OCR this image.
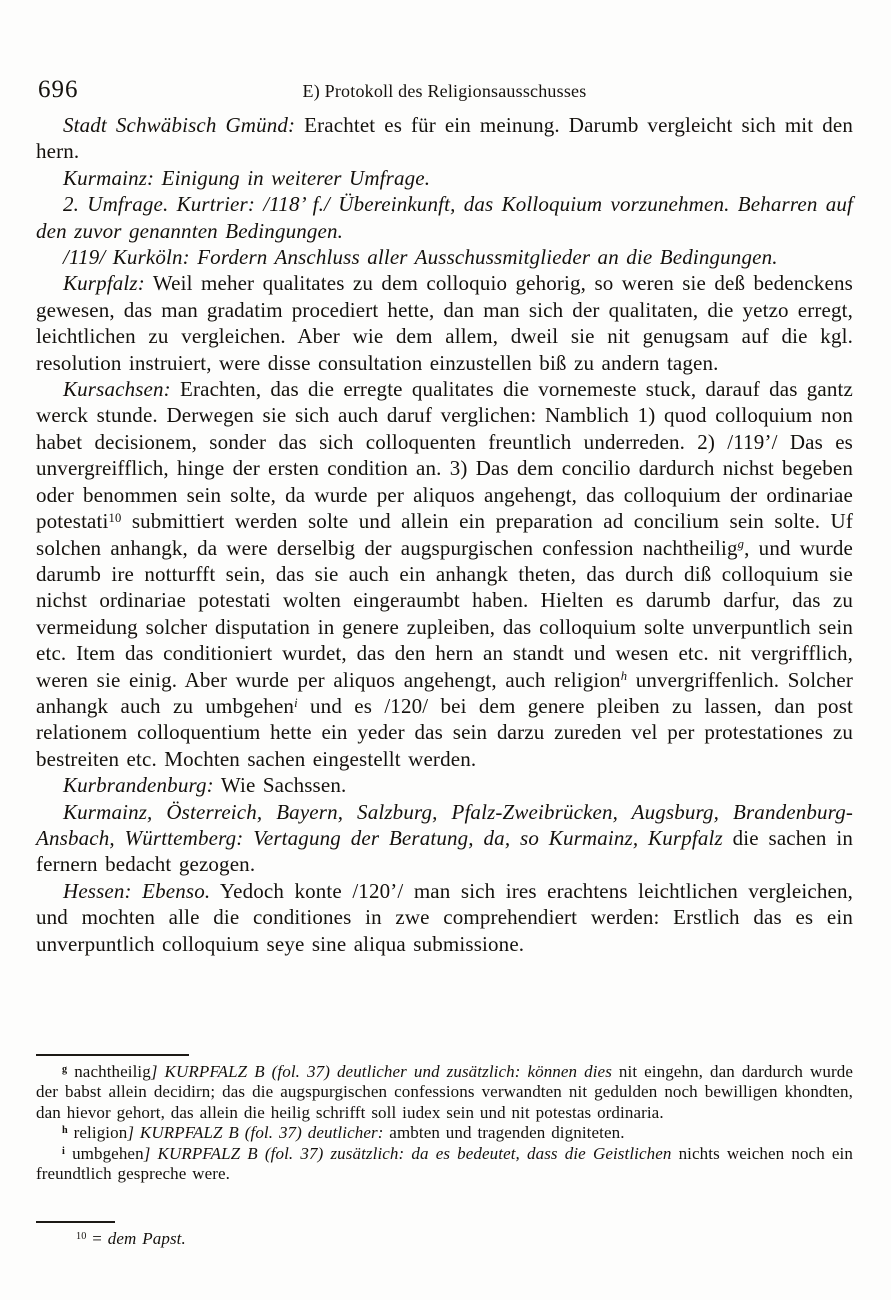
696	E) Protokoll des Religionsausschusses

Stadt Schwäbisch Gmünd: Erachtet es für ein meinung. Darumb vergleicht sich mit den hern.

Kurmainz: Einigung in weiterer Umfrage.

2. Umfrage. Kurtrier: /118’ f./ Übereinkunft, das Kolloquium vorzunehmen. Beharren auf den zuvor genannten Bedingungen.

/119/ Kurköln: Fordern Anschluss aller Ausschussmitglieder an die Bedingungen.

Kurpfalz: Weil meher qualitates zu dem colloquio gehorig, so weren sie deß bedenckens gewesen, das man gradatim procediert hette, dan man sich der qualitaten, die yetzo erregt, leichtlichen zu vergleichen. Aber wie dem allem, dweil sie nit genugsam auf die kgl. resolution instruiert, were disse consultation einzustellen biß zu andern tagen.

Kursachsen: Erachten, das die erregte qualitates die vornemeste stuck, darauf das gantz werck stunde. Derwegen sie sich auch daruf verglichen: Namblich 1) quod colloquium non habet decisionem, sonder das sich colloquenten freuntlich underreden. 2) /119’/ Das es unvergreifflich, hinge der ersten condition an. 3) Das dem concilio dardurch nichst begeben oder benommen sein solte, da wurde per aliquos angehengt, das colloquium der ordinariae potestati$^{10}$ submittiert werden solte und allein ein preparation ad concilium sein solte. Uf solchen anhangk, da were derselbig der augspurgischen confession nachtheilig$^g$, und wurde darumb ire notturfft sein, das sie auch ein anhangk theten, das durch diß colloquium sie nichst ordinariae potestati wolten eingeraumbt haben. Hielten es darumb darfur, das zu vermeidung solcher disputation in genere zupleiben, das colloquium solte unverpuntlich sein etc. Item das conditioniert wurdet, das den hern an standt und wesen etc. nit vergrifflich, weren sie einig. Aber wurde per aliquos angehengt, auch religion$^h$ unvergriffenlich. Solcher anhangk auch zu umbgehen$^i$ und es /120/ bei dem genere pleiben zu lassen, dan post relationem colloquentium hette ein yeder das sein darzu zureden vel per protestationes zu bestreiten etc. Mochten sachen eingestellt werden.

Kurbrandenburg: Wie Sachssen.

Kurmainz, Österreich, Bayern, Salzburg, Pfalz-Zweibrücken, Augsburg, Brandenburg-Ansbach, Württemberg: Vertagung der Beratung, da, so Kurmainz, Kurpfalz die sachen in fernern bedacht gezogen.

Hessen: Ebenso. Yedoch konte /120’/ man sich ires erachtens leichtlichen vergleichen, und mochten alle die conditiones in zwe comprehendiert werden: Erstlich das es ein unverpuntlich colloquium seye sine aliqua submissione.

$^g$ nachtheilig] KURPFALZ B (fol. 37) deutlicher und zusätzlich: können dies nit eingehn, dan dardurch wurde der babst allein decidirn; das die augspurgischen confessions verwandten nit gedulden noch bewilligen khondten, dan hievor gehort, das allein die heilig schrifft soll iudex sein und nit potestas ordinaria.

$^h$ religion] KURPFALZ B (fol. 37) deutlicher: ambten und tragenden digniteten.

$^i$ umbgehen] KURPFALZ B (fol. 37) zusätzlich: da es bedeutet, dass die Geistlichen nichts weichen noch ein freundtlich gespreche were.

$^{10}$ = dem Papst.
